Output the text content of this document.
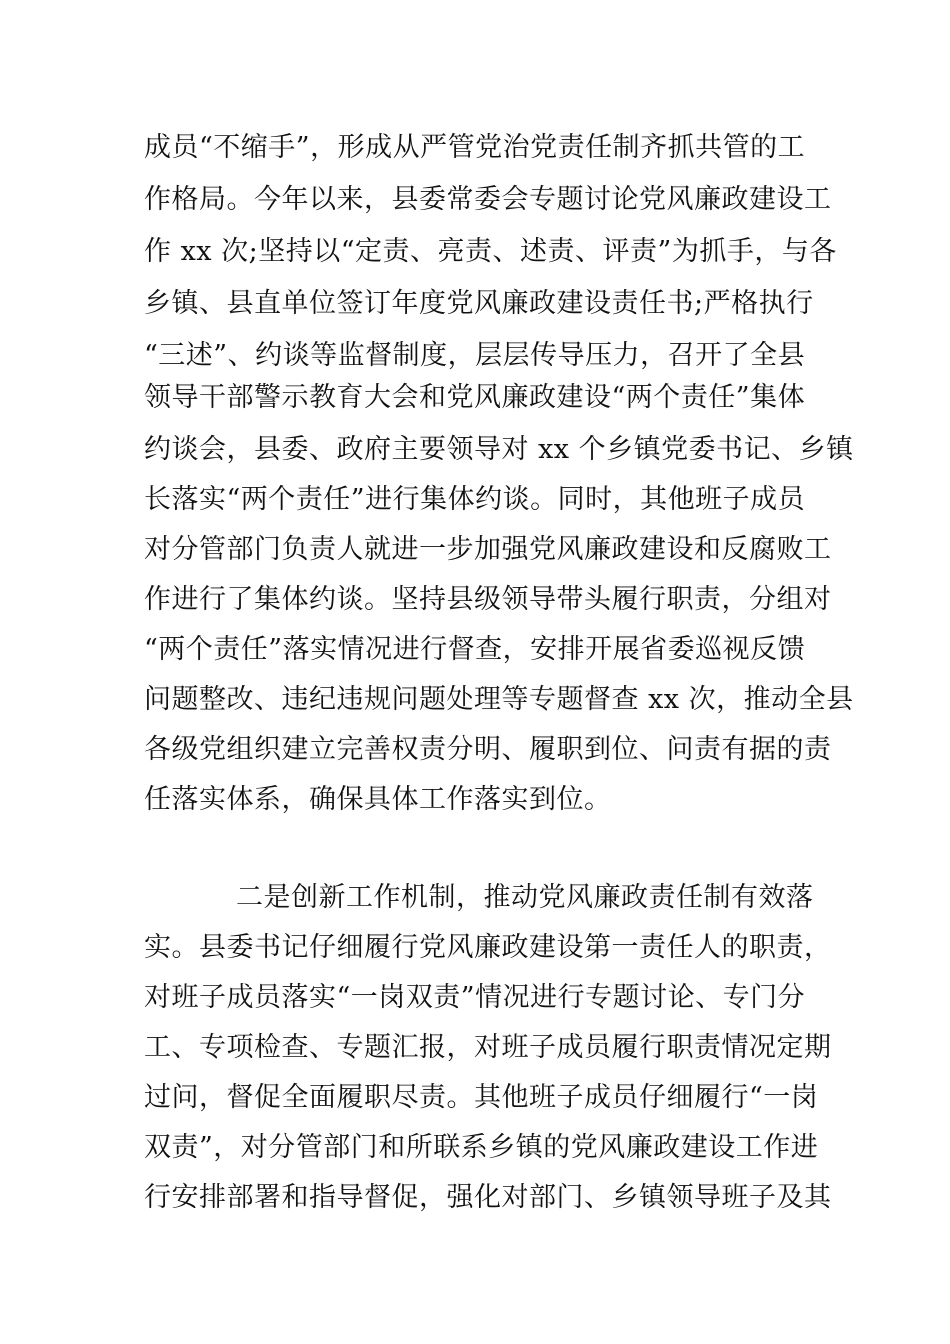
成员“不缩手”，形成从严管党治党责任制齐抓共管的工
作格局。今年以来，县委常委会专题讨论党风廉政建设工
作 xx 次;坚持以“定责、亮责、述责、评责”为抓手，与各
乡镇、县直单位签订年度党风廉政建设责任书;严格执行
“三述”、约谈等监督制度，层层传导压力，召开了全县
领导干部警示教育大会和党风廉政建设“两个责任”集体
约谈会，县委、政府主要领导对 xx 个乡镇党委书记、乡镇
长落实“两个责任”进行集体约谈。同时，其他班子成员
对分管部门负责人就进一步加强党风廉政建设和反腐败工
作进行了集体约谈。坚持县级领导带头履行职责，分组对
“两个责任”落实情况进行督查，安排开展省委巡视反馈
问题整改、违纪违规问题处理等专题督查 xx 次，推动全县
各级党组织建立完善权责分明、履职到位、问责有据的责
任落实体系，确保具体工作落实到位。
二是创新工作机制，推动党风廉政责任制有效落
实。县委书记仔细履行党风廉政建设第一责任人的职责，
对班子成员落实“一岗双责”情况进行专题讨论、专门分
工、专项检查、专题汇报，对班子成员履行职责情况定期
过问，督促全面履职尽责。其他班子成员仔细履行“一岗
双责”，对分管部门和所联系乡镇的党风廉政建设工作进
行安排部署和指导督促，强化对部门、乡镇领导班子及其
